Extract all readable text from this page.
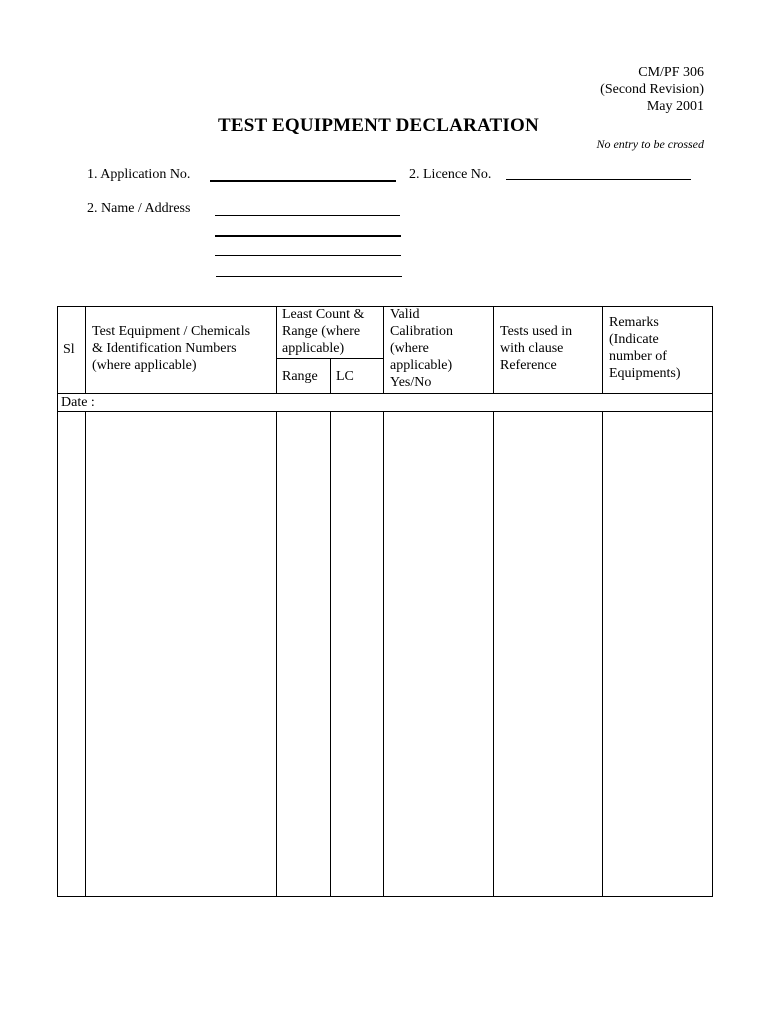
CM/PF 306
(Second Revision)
May 2001
TEST EQUIPMENT DECLARATION
No entry to be crossed
1. Application No.	2. Licence No.
2. Name / Address
Sl
Test Equipment / Chemicals
& Identification Numbers
(where applicable)
Least Count &
Range (where
applicable)
Range LC
Valid
Calibration
(where
applicable)
Yes/No
Tests used in
with clause
Reference
Remarks
(Indicate
number of
Equipments)
Date :
